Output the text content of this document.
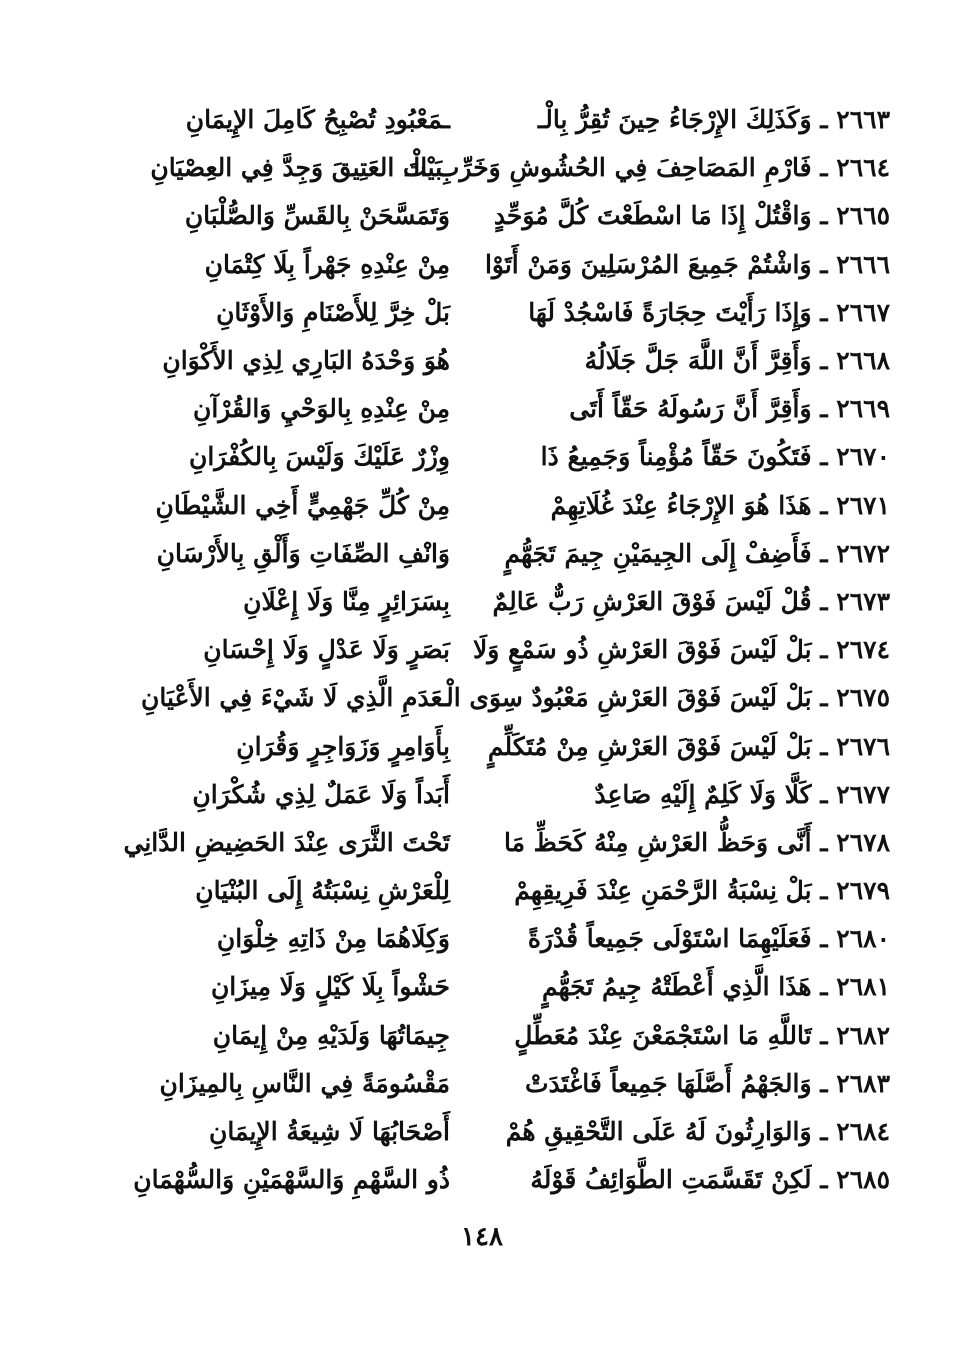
٢٦٦٣ ـ وَكَذَلِكَ الإِرْجَاءُ حِينَ تُقِرُّ بِالْـ
ـمَعْبُودِ تُصْبِحُ كَامِلَ الإِيمَانِ
٢٦٦٤ ـ فَارْمِ المَصَاحِفَ فِي الحُشُوشِ وَخَرِّبِ الْـ
ـبَيْتَ العَتِيقَ وَجِدَّ فِي العِصْيَانِ
٢٦٦٥ ـ وَاقْتُلْ إِذَا مَا اسْطَعْتَ كُلَّ مُوَحِّدٍ
وَتَمَسَّحَنْ بِالقَسِّ وَالصُّلْبَانِ
٢٦٦٦ ـ وَاشْتُمْ جَمِيعَ المُرْسَلِينَ وَمَنْ أَتَوْا
مِنْ عِنْدِهِ جَهْراً بِلَا كِتْمَانِ
٢٦٦٧ ـ وَإِذَا رَأَيْتَ حِجَارَةً فَاسْجُدْ لَهَا
بَلْ خِرَّ لِلأَصْنَامِ وَالأَوْثَانِ
٢٦٦٨ ـ وَأَقِرَّ أَنَّ اللَّهَ جَلَّ جَلَالُهُ
هُوَ وَحْدَهُ البَارِي لِذِي الأَكْوَانِ
٢٦٦٩ ـ وَأَقِرَّ أَنَّ رَسُولَهُ حَقّاً أَتَى
مِنْ عِنْدِهِ بِالوَحْيِ وَالقُرْآنِ
٢٦٧٠ ـ فَتَكُونَ حَقّاً مُؤْمِناً وَجَمِيعُ ذَا
وِزْرٌ عَلَيْكَ وَلَيْسَ بِالكُفْرَانِ
٢٦٧١ ـ هَذَا هُوَ الإِرْجَاءُ عِنْدَ غُلَاتِهِمْ
مِنْ كُلِّ جَهْمِيٍّ أَخِي الشَّيْطَانِ
٢٦٧٢ ـ فَأَضِفْ إِلَى الجِيمَيْنِ جِيمَ تَجَهُّمٍ
وَانْفِ الصِّفَاتِ وَأَلْقِ بِالأَرْسَانِ
٢٦٧٣ ـ قُلْ لَيْسَ فَوْقَ العَرْشِ رَبٌّ عَالِمٌ
بِسَرَائِرٍ مِنَّا وَلَا إِعْلَانِ
٢٦٧٤ ـ بَلْ لَيْسَ فَوْقَ العَرْشِ ذُو سَمْعٍ وَلَا
بَصَرٍ وَلَا عَدْلٍ وَلَا إِحْسَانِ
٢٦٧٥ ـ بَلْ لَيْسَ فَوْقَ العَرْشِ مَعْبُودٌ سِوَى الْـ
ـعَدَمِ الَّذِي لَا شَيْءَ فِي الأَعْيَانِ
٢٦٧٦ ـ بَلْ لَيْسَ فَوْقَ العَرْشِ مِنْ مُتَكَلِّمٍ
بِأَوَامِرٍ وَزَوَاجِرٍ وَقُرَانِ
٢٦٧٧ ـ كَلَّا وَلَا كَلِمٌ إِلَيْهِ صَاعِدٌ
أَبَداً وَلَا عَمَلٌ لِذِي شُكْرَانِ
٢٦٧٨ ـ أَنَّى وَحَظُّ العَرْشِ مِنْهُ كَحَظِّ مَا
تَحْتَ الثَّرَى عِنْدَ الحَضِيضِ الدَّانِي
٢٦٧٩ ـ بَلْ نِسْبَةُ الرَّحْمَنِ عِنْدَ فَرِيقِهِمْ
لِلْعَرْشِ نِسْبَتُهُ إِلَى البُنْيَانِ
٢٦٨٠ ـ فَعَلَيْهِمَا اسْتَوْلَى جَمِيعاً قُدْرَةً
وَكِلَاهُمَا مِنْ ذَاتِهِ خِلْوَانِ
٢٦٨١ ـ هَذَا الَّذِي أَعْطَتْهُ جِيمُ تَجَهُّمٍ
حَشْواً بِلَا كَيْلٍ وَلَا مِيزَانِ
٢٦٨٢ ـ تَاللَّهِ مَا اسْتَجْمَعْنَ عِنْدَ مُعَطِّلٍ
جِيمَاتُهَا وَلَدَيْهِ مِنْ إِيمَانِ
٢٦٨٣ ـ وَالجَهْمُ أَصَّلَهَا جَمِيعاً فَاغْتَدَتْ
مَقْسُومَةً فِي النَّاسِ بِالمِيزَانِ
٢٦٨٤ ـ وَالوَارِثُونَ لَهُ عَلَى التَّحْقِيقِ هُمْ
أَصْحَابُهَا لَا شِيعَةُ الإِيمَانِ
٢٦٨٥ ـ لَكِنْ تَقَسَّمَتِ الطَّوَائِفُ قَوْلَهُ
ذُو السَّهْمِ وَالسَّهْمَيْنِ وَالسُّهْمَانِ
١٤٨
